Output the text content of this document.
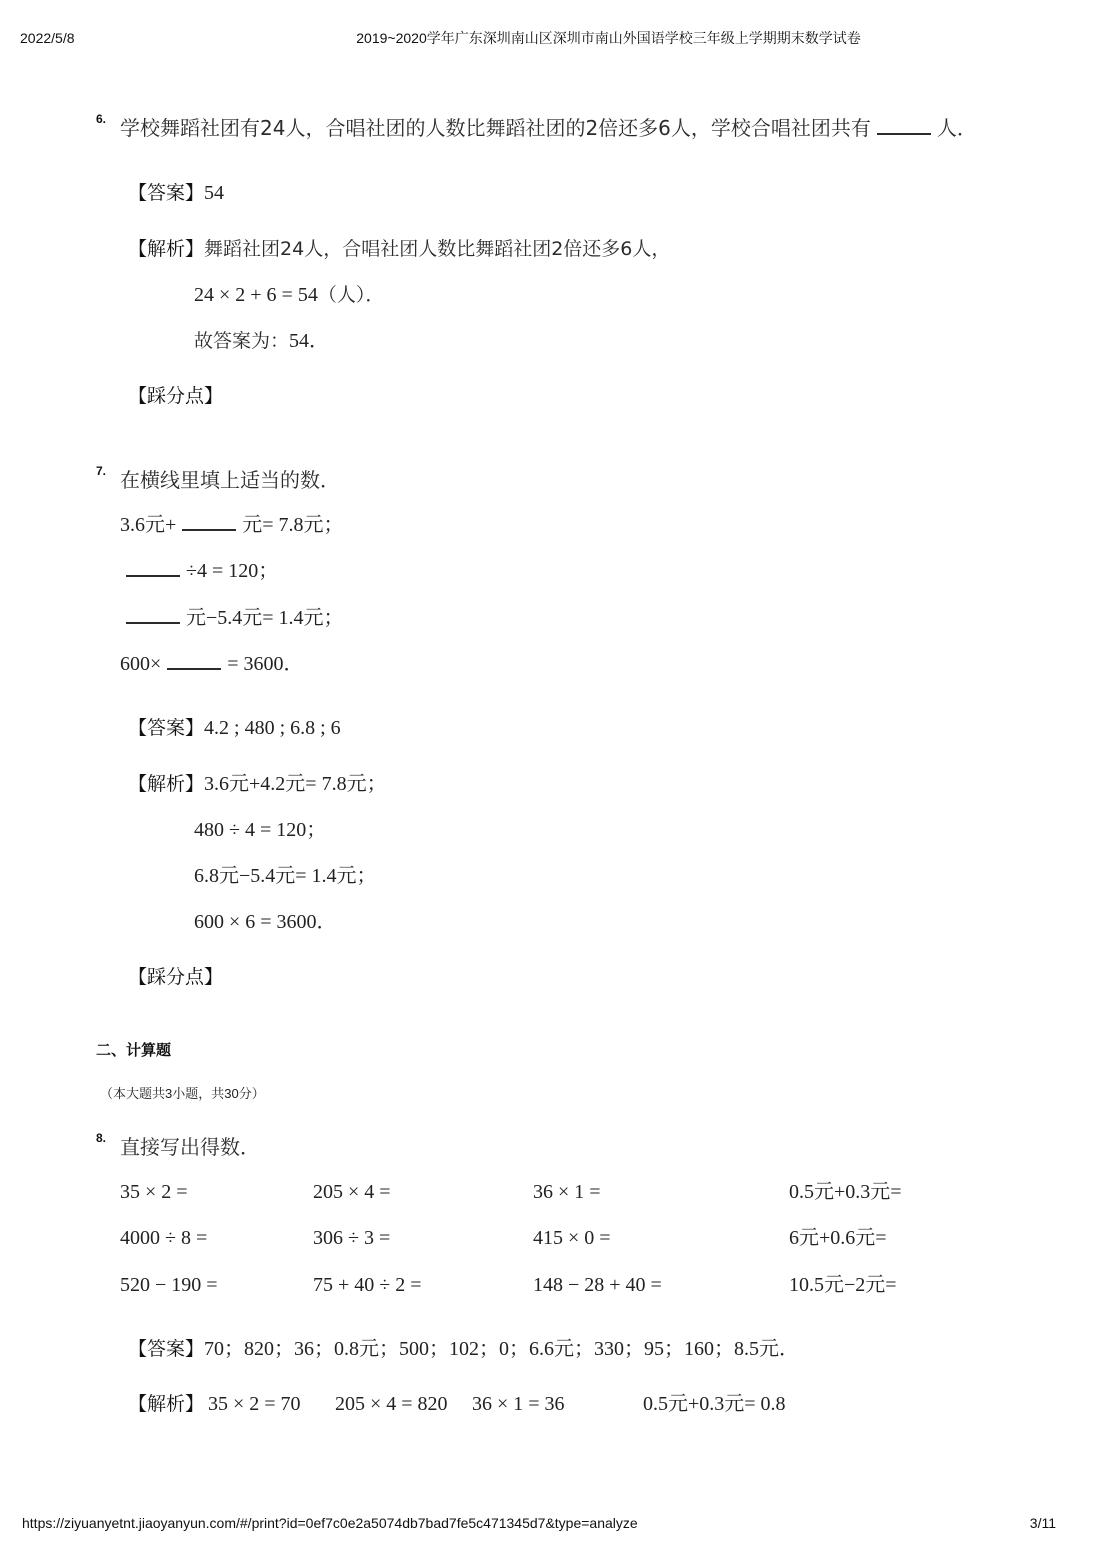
2022/5/8	2019~2020学年广东深圳南山区深圳市南山外国语学校三年级上学期期末数学试卷
6. 学校舞蹈社团有24人，合唱社团的人数比舞蹈社团的2倍还多6人，学校合唱社团共有	人．
【答案】54
【解析】舞蹈社团24人，合唱社团人数比舞蹈社团2倍还多6人，
24 × 2 + 6 = 54（人）．
故答案为：54．
【踩分点】
7. 在横线里填上适当的数．
3.6元+	元= 7.8元；
÷4 = 120；
元−5.4元= 1.4元；
600×	= 3600．
【答案】4.2 ; 480 ; 6.8 ; 6
【解析】3.6元+4.2元= 7.8元；
480 ÷ 4 = 120；
6.8元−5.4元= 1.4元；
600 × 6 = 3600．
【踩分点】
二、计算题
（本大题共3小题，共30分）
8. 直接写出得数．
35 × 2 =	205 × 4 =	36 × 1 =	0.5元+0.3元=
4000 ÷ 8 =	306 ÷ 3 =	415 × 0 =	6元+0.6元=
520 − 190 =	75 + 40 ÷ 2 =	148 − 28 + 40 =	10.5元−2元=
【答案】70；820；36；0.8元；500；102；0；6.6元；330；95；160；8.5元．
【解析】 35 × 2 = 70 205 × 4 = 820 36 × 1 = 36	0.5元+0.3元= 0.8
https://ziyuanyetnt.jiaoyanyun.com/#/print?id=0ef7c0e2a5074db7bad7fe5c471345d7&type=analyze	3/11
